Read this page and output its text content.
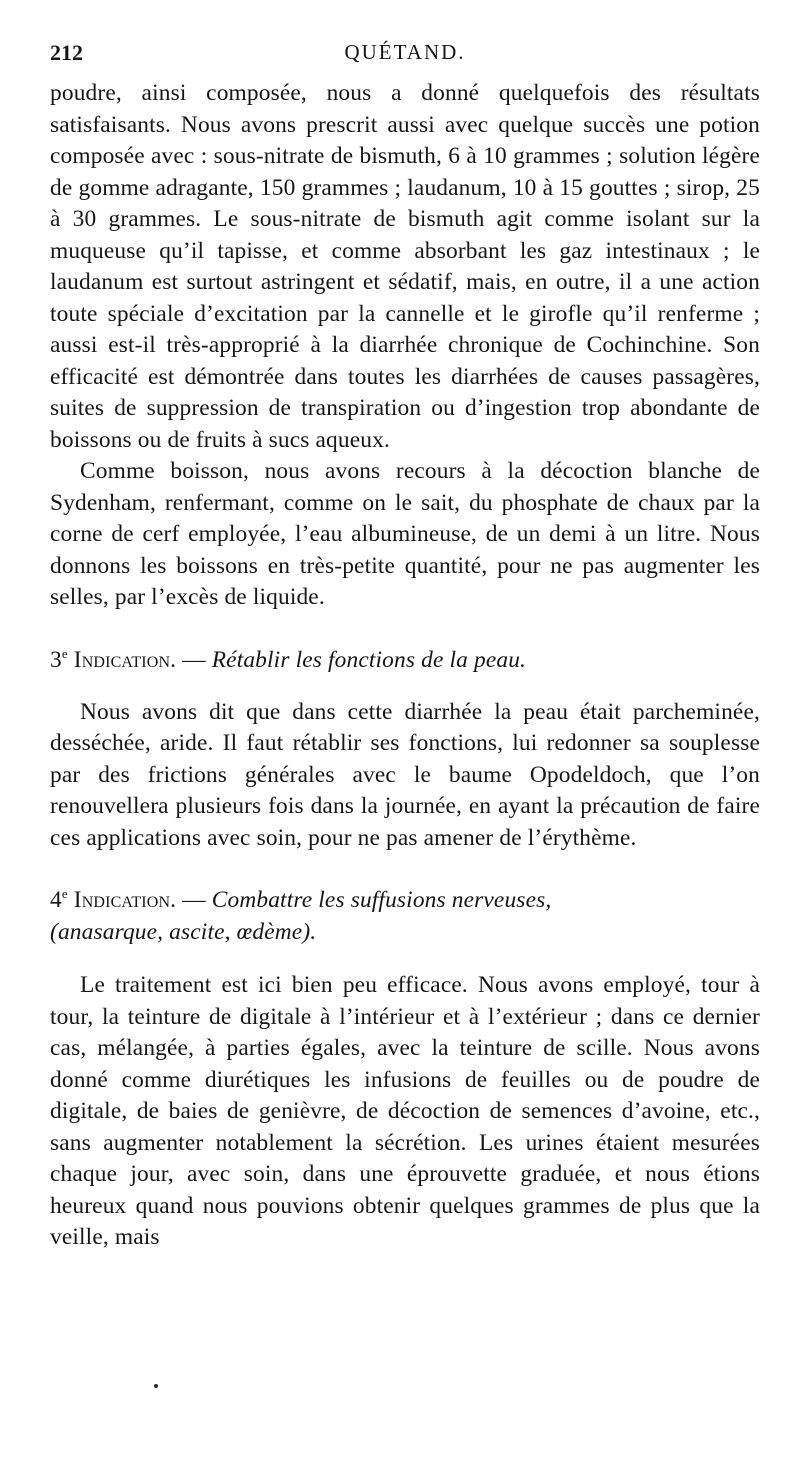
212	QUÉTAND.

poudre, ainsi composée, nous a donné quelquefois des résultats satisfaisants. Nous avons prescrit aussi avec quelque succès une potion composée avec : sous-nitrate de bismuth, 6 à 10 grammes ; solution légère de gomme adragante, 150 grammes ; laudanum, 10 à 15 gouttes ; sirop, 25 à 30 grammes. Le sous-nitrate de bismuth agit comme isolant sur la muqueuse qu’il tapisse, et comme absorbant les gaz intestinaux ; le laudanum est surtout astringent et sédatif, mais, en outre, il a une action toute spéciale d’excitation par la cannelle et le girofle qu’il renferme ; aussi est-il très-approprié à la diarrhée chronique de Cochinchine. Son efficacité est démontrée dans toutes les diarrhées de causes passagères, suites de suppression de transpiration ou d’ingestion trop abondante de boissons ou de fruits à sucs aqueux.

Comme boisson, nous avons recours à la décoction blanche de Sydenham, renfermant, comme on le sait, du phosphate de chaux par la corne de cerf employée, l’eau albumineuse, de un demi à un litre. Nous donnons les boissons en très-petite quantité, pour ne pas augmenter les selles, par l’excès de liquide.

3e Indication. — Rétablir les fonctions de la peau.

Nous avons dit que dans cette diarrhée la peau était parcheminée, desséchée, aride. Il faut rétablir ses fonctions, lui redonner sa souplesse par des frictions générales avec le baume Opodeldoch, que l’on renouvellera plusieurs fois dans la journée, en ayant la précaution de faire ces applications avec soin, pour ne pas amener de l’érythème.

4e Indication. — Combattre les suffusions nerveuses,

(anasarque, ascite, œdème).

Le traitement est ici bien peu efficace. Nous avons employé, tour à tour, la teinture de digitale à l’intérieur et à l’extérieur ; dans ce dernier cas, mélangée, à parties égales, avec la teinture de scille. Nous avons donné comme diurétiques les infusions de feuilles ou de poudre de digitale, de baies de genièvre, de décoction de semences d’avoine, etc., sans augmenter notablement la sécrétion. Les urines étaient mesurées chaque jour, avec soin, dans une éprouvette graduée, et nous étions heureux quand nous pouvions obtenir quelques grammes de plus que la veille, mais
